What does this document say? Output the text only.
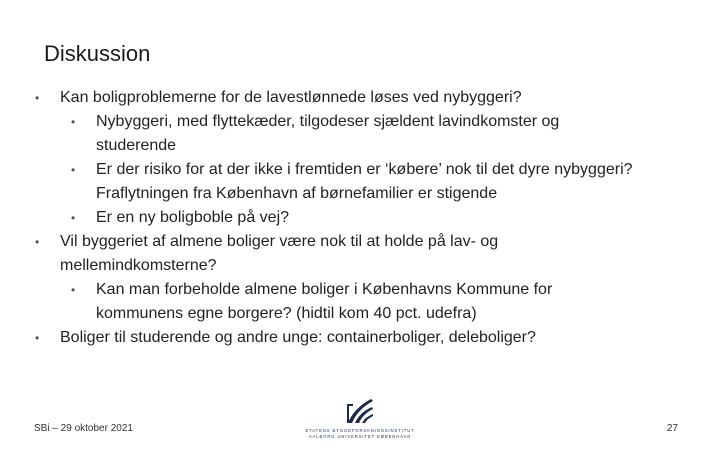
Diskussion
• Kan boligproblemerne for de lavestlønnede løses ved nybyggeri?
• Nybyggeri, med flyttekæder, tilgodeser sjældent lavindkomster og studerende
• Er der risiko for at der ikke i fremtiden er ‘købere’ nok til det dyre nybyggeri? Fraflytningen fra København af børnefamilier er stigende
• Er en ny boligboble på vej?
• Vil byggeriet af almene boliger være nok til at holde på lav- og mellemindkomsterne?
• Kan man forbeholde almene boliger i Københavns Kommune for kommunens egne borgere? (hidtil kom 40 pct. udefra)
• Boliger til studerende og andre unge: containerboliger, deleboliger?
SBi – 29 oktober 2021	STATENS BYGGEFORSKNINGSINSTITUT
AALBORG UNIVERSITET KØBENHAVN
27
